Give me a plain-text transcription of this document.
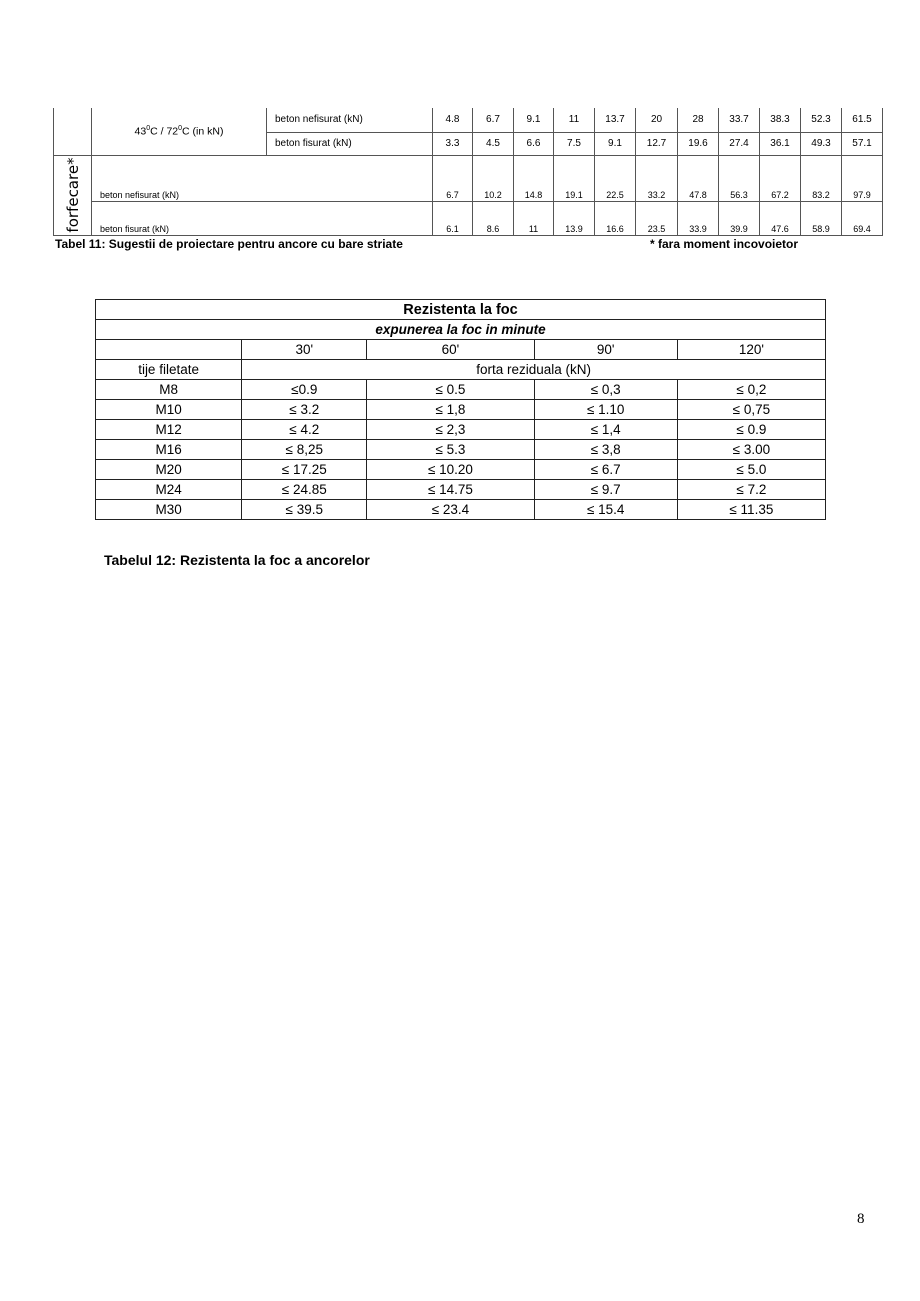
	$43^0C / 72^0C$ (in kN)	beton nefisurat (kN)	4.8	6.7	9.1	11	13.7	20	28	33.7	38.3	52.3	61.5
		beton fisurat (kN)	3.3	4.5	6.6	7.5	9.1	12.7	19.6	27.4	36.1	49.3	57.1

forfecare*	beton nefisurat (kN)		6.7	10.2	14.8	19.1	22.5	33.2	47.8	56.3	67.2	83.2	97.9
	beton fisurat (kN)		6.1	8.6	11	13.9	16.6	23.5	33.9	39.9	47.6	58.9	69.4
Tabel 11: Sugestii de proiectare pentru ancore cu bare striate	* fara moment incovoietor
Rezistenta la foc				
expunerea la foc in minute				
	30'	60'	90'	120'
tije filetate	forta reziduala (kN)			
M8	≤0.9	≤ 0.5	≤ 0,3	≤ 0,2
M10	≤ 3.2	≤ 1,8	≤ 1.10	≤ 0,75
M12	≤ 4.2	≤ 2,3	≤ 1,4	≤ 0.9
M16	≤ 8,25	≤ 5.3	≤ 3,8	≤ 3.00
M20	≤ 17.25	≤ 10.20	≤ 6.7	≤ 5.0
M24	≤ 24.85	≤ 14.75	≤ 9.7	≤ 7.2
M30	≤ 39.5	≤ 23.4	≤ 15.4	≤ 11.35
Tabelul 12: Rezistenta la foc a ancorelor
8
